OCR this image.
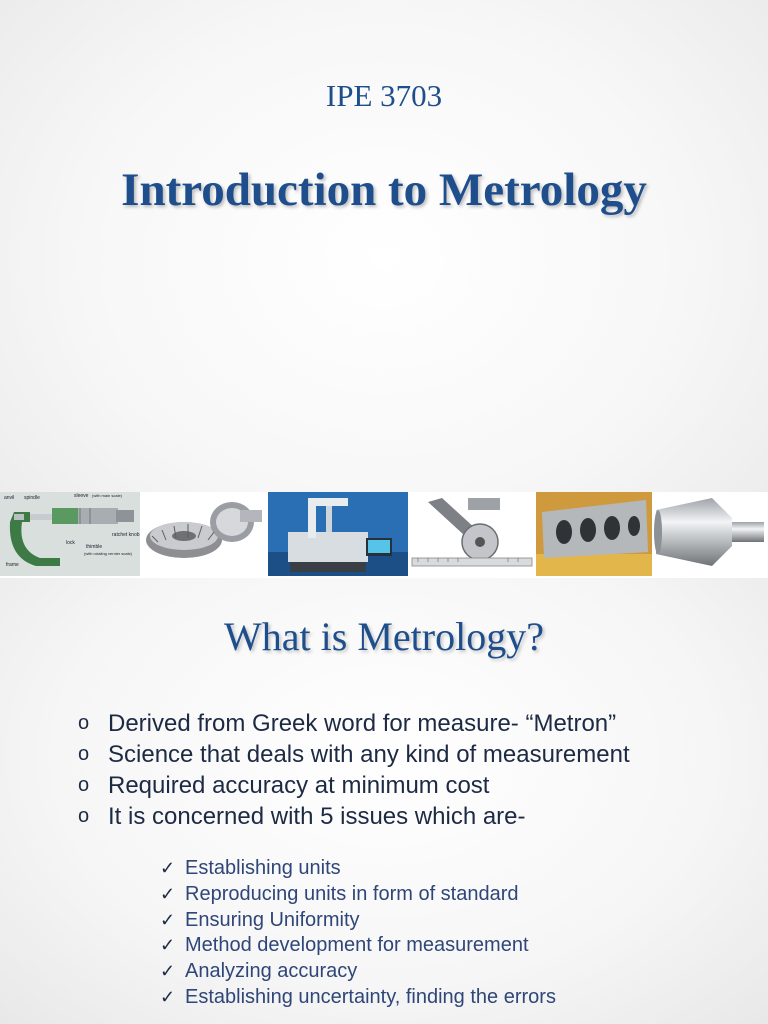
IPE 3703
Introduction to Metrology
anvil spindle	sleeve (with main scale)
lock
thimble
(with rotating vernier scale)
ratchet knob
frame
What is Metrology?
o Derived from Greek word for measure- “Metron”
o Science that deals with any kind of measurement
o Required accuracy at minimum cost
o It is concerned with 5 issues which are-
✓ Establishing units
✓ Reproducing units in form of standard
✓ Ensuring Uniformity
✓ Method development for measurement
✓ Analyzing accuracy
✓ Establishing uncertainty, finding the errors
